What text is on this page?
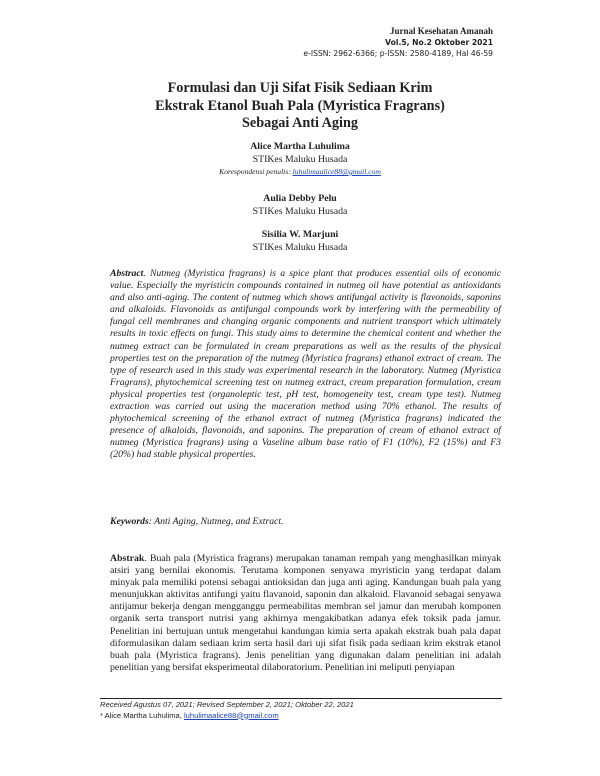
Jurnal Kesehatan Amanah
Vol.5, No.2 Oktober 2021
e-ISSN: 2962-6366; p-ISSN: 2580-4189, Hal 46-59
Formulasi dan Uji Sifat Fisik Sediaan Krim
Ekstrak Etanol Buah Pala (Myristica Fragrans)
Sebagai Anti Aging
Alice Martha Luhulima
STIKes Maluku Husada
Korespondensi penulis: luhulimaalice88@gmail.com
Aulia Debby Pelu
STIKes Maluku Husada
Sisilia W. Marjuni
STIKes Maluku Husada
Abstract. Nutmeg (Myristica fragrans) is a spice plant that produces essential oils of economic value. Especially the myristicin compounds contained in nutmeg oil have potential as antioxidants and also anti-aging. The content of nutmeg which shows antifungal activity is flavonoids, saponins and alkaloids. Flavonoids as antifungal compounds work by interfering with the permeability of fungal cell membranes and changing organic components and nutrient transport which ultimately results in toxic effects on fungi. This study aims to determine the chemical content and whether the nutmeg extract can be formulated in cream preparations as well as the results of the physical properties test on the preparation of the nutmeg (Myristica fragrans) ethanol extract of cream. The type of research used in this study was experimental research in the laboratory. Nutmeg (Myristica Fragrans), phytochemical screening test on nutmeg extract, cream preparation formulation, cream physical properties test (organoleptic test, pH test, homogeneity test, cream type test). Nutmeg extraction was carried out using the maceration method using 70% ethanol. The results of phytochemical screening of the ethanol extract of nutmeg (Myristica fragrans) indicated the presence of alkaloids, flavonoids, and saponins. The preparation of cream of ethanol extract of nutmeg (Myristica fragrans) using a Vaseline album base ratio of F1 (10%), F2 (15%) and F3 (20%) had stable physical properties.
Keywords: Anti Aging, Nutmeg, and Extract.
Abstrak. Buah pala (Myristica fragrans) merupakan tanaman rempah yang menghasilkan minyak atsiri yang bernilai ekonomis. Terutama komponen senyawa myristicin yang terdapat dalam minyak pala memiliki potensi sebagai antioksidan dan juga anti aging. Kandungan buah pala yang menunjukkan aktivitas antifungi yaitu flavanoid, saponin dan alkaloid. Flavanoid sebagai senyawa antijamur bekerja dengan mengganggu permeabilitas membran sel jamur dan merubah komponen organik serta transport nutrisi yang akhirnya mengakibatkan adanya efek toksik pada jamur. Penelitian ini bertujuan untuk mengetahui kandungan kimia serta apakah ekstrak buah pala dapat diformulasikan dalam sediaan krim serta hasil dari uji sifat fisik pada sediaan krim ekstrak etanol buah pala (Myristica fragrans). Jenis penelitian yang digunakan dalam penelitian ini adalah penelitian yang bersifat eksperimental dilaboratorium. Penelitian ini meliputi penyiapan
Received Agustus 07, 2021; Revised September 2, 2021; Oktober 22, 2021
* Alice Martha Luhulima, luhulimaalice88@gmail.com
